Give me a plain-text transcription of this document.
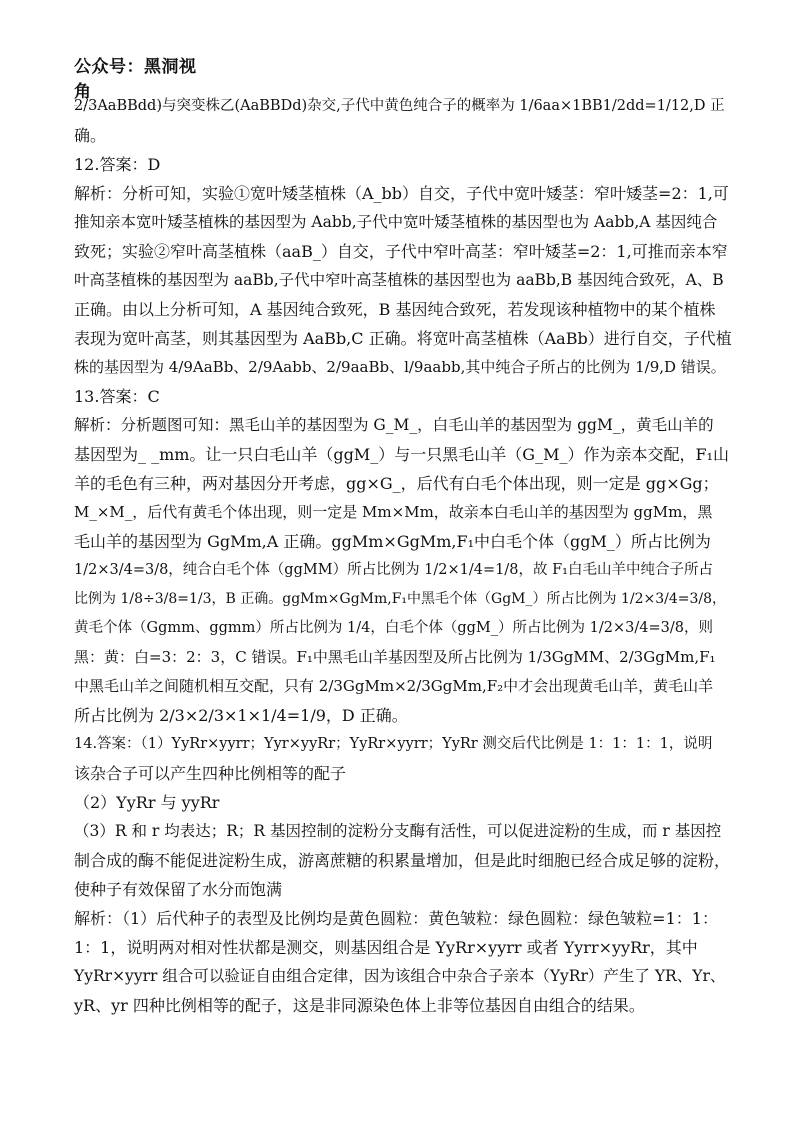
公众号：黑洞视角
2/3AaBBdd)与突变株乙(AaBBDd)杂交,子代中黄色纯合子的概率为 1/6aa×1BB1/2dd=1/12,D 正
确。
12.答案：D
解析：分析可知，实验①宽叶矮茎植株（A_bb）自交，子代中宽叶矮茎：窄叶矮茎=2：1,可
推知亲本宽叶矮茎植株的基因型为 Aabb,子代中宽叶矮茎植株的基因型也为 Aabb,A 基因纯合
致死；实验②窄叶高茎植株（aaB_）自交，子代中窄叶高茎：窄叶矮茎=2：1,可推而亲本窄
叶高茎植株的基因型为 aaBb,子代中窄叶高茎植株的基因型也为 aaBb,B 基因纯合致死，A、B
正确。由以上分析可知，A 基因纯合致死，B 基因纯合致死，若发现该种植物中的某个植株
表现为宽叶高茎，则其基因型为 AaBb,C 正确。将宽叶高茎植株（AaBb）进行自交，子代植
株的基因型为 4/9AaBb、2/9Aabb、2/9aaBb、l/9aabb,其中纯合子所占的比例为 1/9,D 错误。
13.答案：C
解析：分析题图可知：黑毛山羊的基因型为 G_M_，白毛山羊的基因型为 ggM_，黄毛山羊的
基因型为_ _mm。让一只白毛山羊（ggM_）与一只黑毛山羊（G_M_）作为亲本交配，F₁山
羊的毛色有三种，两对基因分开考虑，gg×G_，后代有白毛个体出现，则一定是 gg×Gg；
M_×M_，后代有黄毛个体出现，则一定是 Mm×Mm，故亲本白毛山羊的基因型为 ggMm，黑
毛山羊的基因型为 GgMm,A 正确。ggMm×GgMm,F₁中白毛个体（ggM_）所占比例为
1/2×3/4=3/8，纯合白毛个体（ggMM）所占比例为 1/2×1/4=1/8，故 F₁白毛山羊中纯合子所占
比例为 1/8÷3/8=1/3，B 正确。ggMm×GgMm,F₁中黑毛个体（GgM_）所占比例为 1/2×3/4=3/8，
黄毛个体（Ggmm、ggmm）所占比例为 1/4，白毛个体（ggM_）所占比例为 1/2×3/4=3/8，则
黑：黄：白=3：2：3，C 错误。F₁中黑毛山羊基因型及所占比例为 1/3GgMM、2/3GgMm,F₁
中黑毛山羊之间随机相互交配，只有 2/3GgMm×2/3GgMm,F₂中才会出现黄毛山羊，黄毛山羊
所占比例为 2/3×2/3×1×1/4=1/9，D 正确。
14.答案：（1）YyRr×yyrr；Yyr×yyRr；YyRr×yyrr；YyRr 测交后代比例是 1：1：1：1，说明
该杂合子可以产生四种比例相等的配子
（2）YyRr 与 yyRr
（3）R 和 r 均表达；R；R 基因控制的淀粉分支酶有活性，可以促进淀粉的生成，而 r 基因控
制合成的酶不能促进淀粉生成，游离蔗糖的积累量增加，但是此时细胞已经合成足够的淀粉，
使种子有效保留了水分而饱满
解析：（1）后代种子的表型及比例均是黄色圆粒：黄色皱粒：绿色圆粒：绿色皱粒=1：1：
1：1，说明两对相对性状都是测交，则基因组合是 YyRr×yyrr 或者 Yyrr×yyRr，其中
YyRr×yyrr 组合可以验证自由组合定律，因为该组合中杂合子亲本（YyRr）产生了 YR、Yr、
yR、yr 四种比例相等的配子，这是非同源染色体上非等位基因自由组合的结果。
